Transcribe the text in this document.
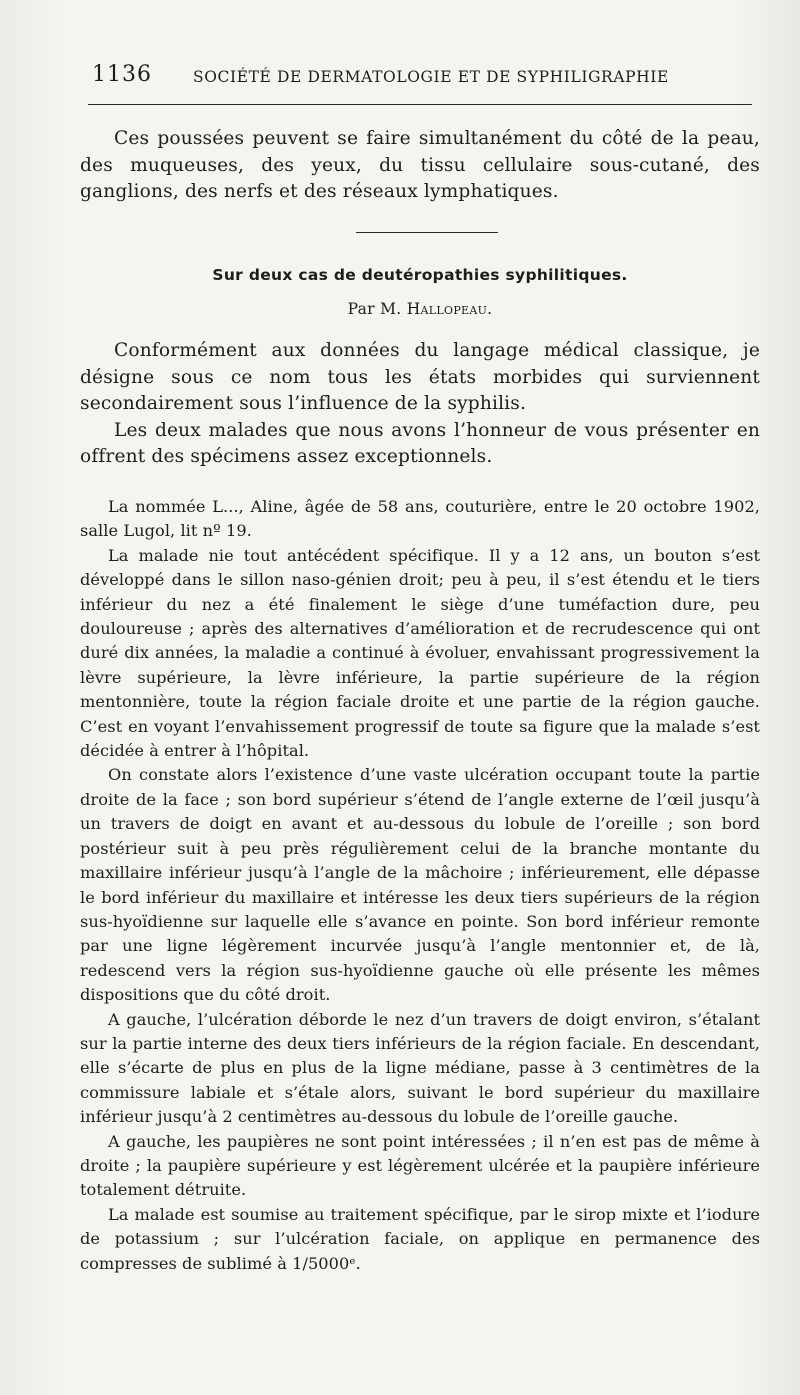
1136	SOCIÉTÉ DE DERMATOLOGIE ET DE SYPHILIGRAPHIE

Ces poussées peuvent se faire simultanément du côté de la peau, des muqueuses, des yeux, du tissu cellulaire sous-cutané, des ganglions, des nerfs et des réseaux lymphatiques.

Sur deux cas de deutéropathies syphilitiques.
Par M. Hallopeau.

Conformément aux données du langage médical classique, je désigne sous ce nom tous les états morbides qui surviennent secondairement sous l’influence de la syphilis.

Les deux malades que nous avons l’honneur de vous présenter en offrent des spécimens assez exceptionnels.

La nommée L..., Aline, âgée de 58 ans, couturière, entre le 20 octobre 1902, salle Lugol, lit nº 19.

La malade nie tout antécédent spécifique. Il y a 12 ans, un bouton s’est développé dans le sillon naso-génien droit; peu à peu, il s’est étendu et le tiers inférieur du nez a été finalement le siège d’une tuméfaction dure, peu douloureuse ; après des alternatives d’amélioration et de recrudescence qui ont duré dix années, la maladie a continué à évoluer, envahissant progressivement la lèvre supérieure, la lèvre inférieure, la partie supérieure de la région mentonnière, toute la région faciale droite et une partie de la région gauche. C’est en voyant l’envahissement progressif de toute sa figure que la malade s’est décidée à entrer à l’hôpital.

On constate alors l’existence d’une vaste ulcération occupant toute la partie droite de la face ; son bord supérieur s’étend de l’angle externe de l’œil jusqu’à un travers de doigt en avant et au-dessous du lobule de l’oreille ; son bord postérieur suit à peu près régulièrement celui de la branche montante du maxillaire inférieur jusqu’à l’angle de la mâchoire ; inférieurement, elle dépasse le bord inférieur du maxillaire et intéresse les deux tiers supérieurs de la région sus-hyoïdienne sur laquelle elle s’avance en pointe. Son bord inférieur remonte par une ligne légèrement incurvée jusqu’à l’angle mentonnier et, de là, redescend vers la région sus-hyoïdienne gauche où elle présente les mêmes dispositions que du côté droit.

A gauche, l’ulcération déborde le nez d’un travers de doigt environ, s’étalant sur la partie interne des deux tiers inférieurs de la région faciale. En descendant, elle s’écarte de plus en plus de la ligne médiane, passe à 3 centimètres de la commissure labiale et s’étale alors, suivant le bord supérieur du maxillaire inférieur jusqu’à 2 centimètres au-dessous du lobule de l’oreille gauche.

A gauche, les paupières ne sont point intéressées ; il n’en est pas de même à droite ; la paupière supérieure y est légèrement ulcérée et la paupière inférieure totalement détruite.

La malade est soumise au traitement spécifique, par le sirop mixte et l’iodure de potassium ; sur l’ulcération faciale, on applique en permanence des compresses de sublimé à 1/5000ᵉ.
